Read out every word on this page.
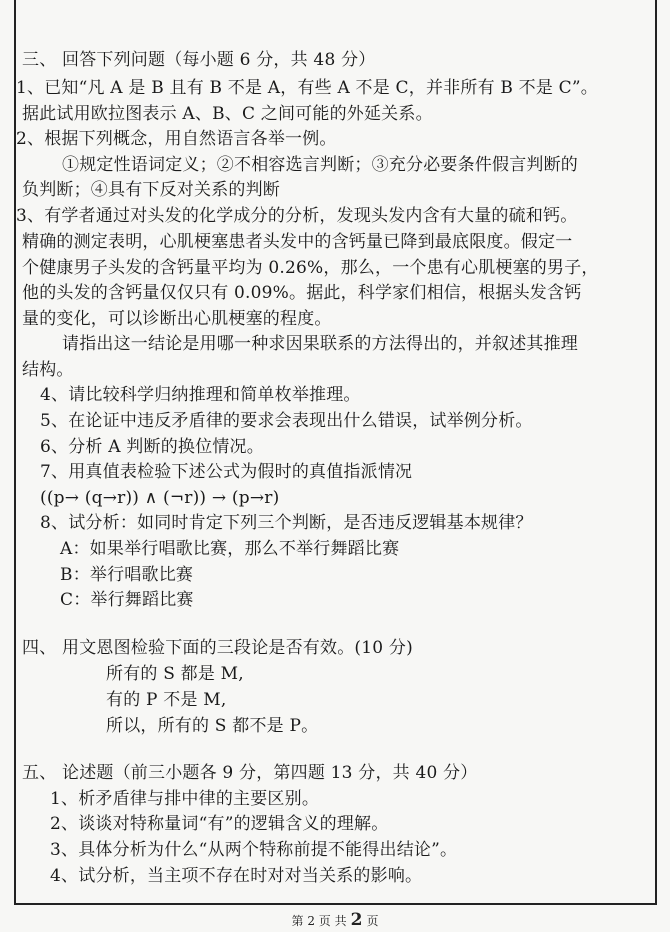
三、 回答下列问题（每小题 6 分，共 48 分）
1、已知“凡 A 是 B 且有 B 不是 A，有些 A 不是 C，并非所有 B 不是 C”。
据此试用欧拉图表示 A、B、C 之间可能的外延关系。
2、根据下列概念，用自然语言各举一例。
①规定性语词定义；②不相容选言判断；③充分必要条件假言判断的
负判断；④具有下反对关系的判断
3、有学者通过对头发的化学成分的分析，发现头发内含有大量的硫和钙。
精确的测定表明，心肌梗塞患者头发中的含钙量已降到最底限度。假定一
个健康男子头发的含钙量平均为 0.26%，那么，一个患有心肌梗塞的男子，
他的头发的含钙量仅仅只有 0.09%。据此，科学家们相信，根据头发含钙
量的变化，可以诊断出心肌梗塞的程度。
请指出这一结论是用哪一种求因果联系的方法得出的，并叙述其推理
结构。
4、请比较科学归纳推理和简单枚举推理。
5、在论证中违反矛盾律的要求会表现出什么错误，试举例分析。
6、分析 A 判断的换位情况。
7、用真值表检验下述公式为假时的真值指派情况
((p→ (q→r)) ∧ (¬r)) → (p→r)
8、试分析：如同时肯定下列三个判断，是否违反逻辑基本规律？
A：如果举行唱歌比赛，那么不举行舞蹈比赛
B：举行唱歌比赛
C：举行舞蹈比赛
四、 用文恩图检验下面的三段论是否有效。(10 分)
所有的 S 都是 M,
有的 P 不是 M,
所以，所有的 S 都不是 P。
五、 论述题（前三小题各 9 分，第四题 13 分，共 40 分）
1、析矛盾律与排中律的主要区别。
2、谈谈对特称量词“有”的逻辑含义的理解。
3、具体分析为什么“从两个特称前提不能得出结论”。
4、试分析，当主项不存在时对对当关系的影响。
第 2 页 共 2 页
